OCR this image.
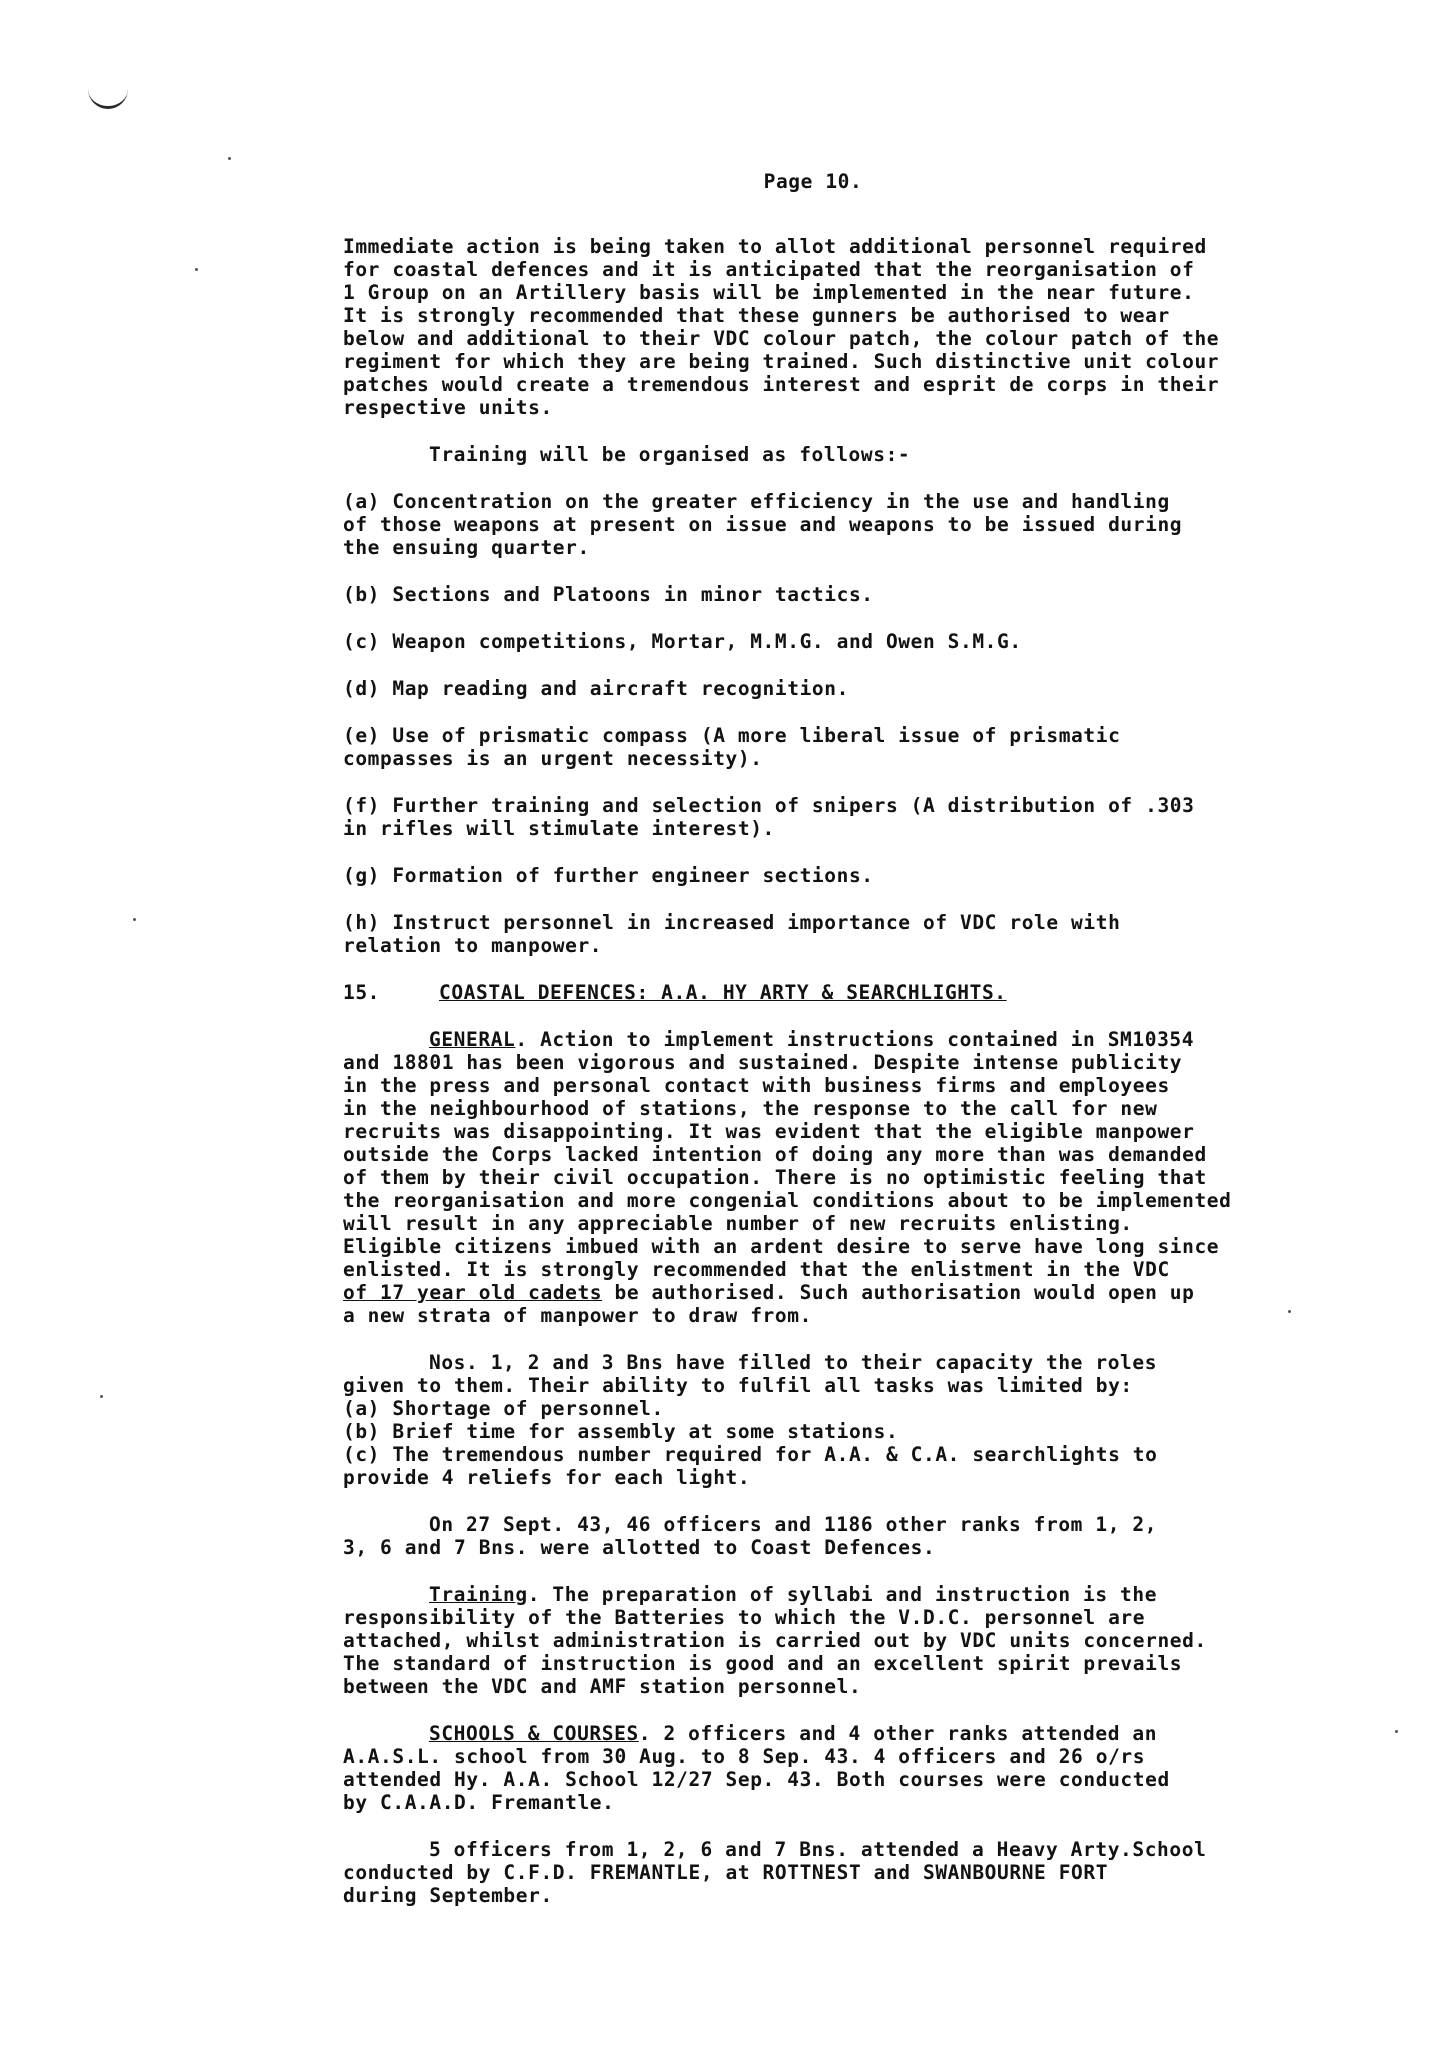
Page 10.

Immediate action is being taken to allot additional personnel required
for coastal defences and it is anticipated that the reorganisation of
1 Group on an Artillery basis will be implemented in the near future.
It is strongly recommended that these gunners be authorised to wear
below and additional to their VDC colour patch, the colour patch of the
regiment for which they are being trained. Such distinctive unit colour
patches would create a tremendous interest and esprit de corps in their
respective units.

Training will be organised as follows:-

(a) Concentration on the greater efficiency in the use and handling
of those weapons at present on issue and weapons to be issued during
the ensuing quarter.

(b) Sections and Platoons in minor tactics.

(c) Weapon competitions, Mortar, M.M.G. and Owen S.M.G.

(d) Map reading and aircraft recognition.

(e) Use of prismatic compass (A more liberal issue of prismatic
compasses is an urgent necessity).

(f) Further training and selection of snipers (A distribution of .303
in rifles will stimulate interest).

(g) Formation of further engineer sections.

(h) Instruct personnel in increased importance of VDC role with
relation to manpower.

15.	COASTAL DEFENCES: A.A. HY ARTY & SEARCHLIGHTS.

GENERAL. Action to implement instructions contained in SM10354
and 18801 has been vigorous and sustained. Despite intense publicity
in the press and personal contact with business firms and employees
in the neighbourhood of stations, the response to the call for new
recruits was disappointing. It was evident that the eligible manpower
outside the Corps lacked intention of doing any more than was demanded
of them by their civil occupation. There is no optimistic feeling that
the reorganisation and more congenial conditions about to be implemented
will result in any appreciable number of new recruits enlisting.
Eligible citizens imbued with an ardent desire to serve have long since
enlisted. It is strongly recommended that the enlistment in the VDC
of 17 year old cadets be authorised. Such authorisation would open up
a new strata of manpower to draw from.

Nos. 1, 2 and 3 Bns have filled to their capacity the roles
given to them. Their ability to fulfil all tasks was limited by:

(a) Shortage of personnel.
(b) Brief time for assembly at some stations.
(c) The tremendous number required for A.A. & C.A. searchlights to
provide 4 reliefs for each light.

On 27 Sept. 43, 46 officers and 1186 other ranks from 1, 2,
3, 6 and 7 Bns. were allotted to Coast Defences.

Training. The preparation of syllabi and instruction is the
responsibility of the Batteries to which the V.D.C. personnel are
attached, whilst administration is carried out by VDC units concerned.
The standard of instruction is good and an excellent spirit prevails
between the VDC and AMF station personnel.

SCHOOLS & COURSES. 2 officers and 4 other ranks attended an
A.A.S.L. school from 30 Aug. to 8 Sep. 43. 4 officers and 26 o/rs
attended Hy. A.A. School 12/27 Sep. 43. Both courses were conducted
by C.A.A.D. Fremantle.

5 officers from 1, 2, 6 and 7 Bns. attended a Heavy Arty.School
conducted by C.F.D. FREMANTLE, at ROTTNEST and SWANBOURNE FORT
during September.
